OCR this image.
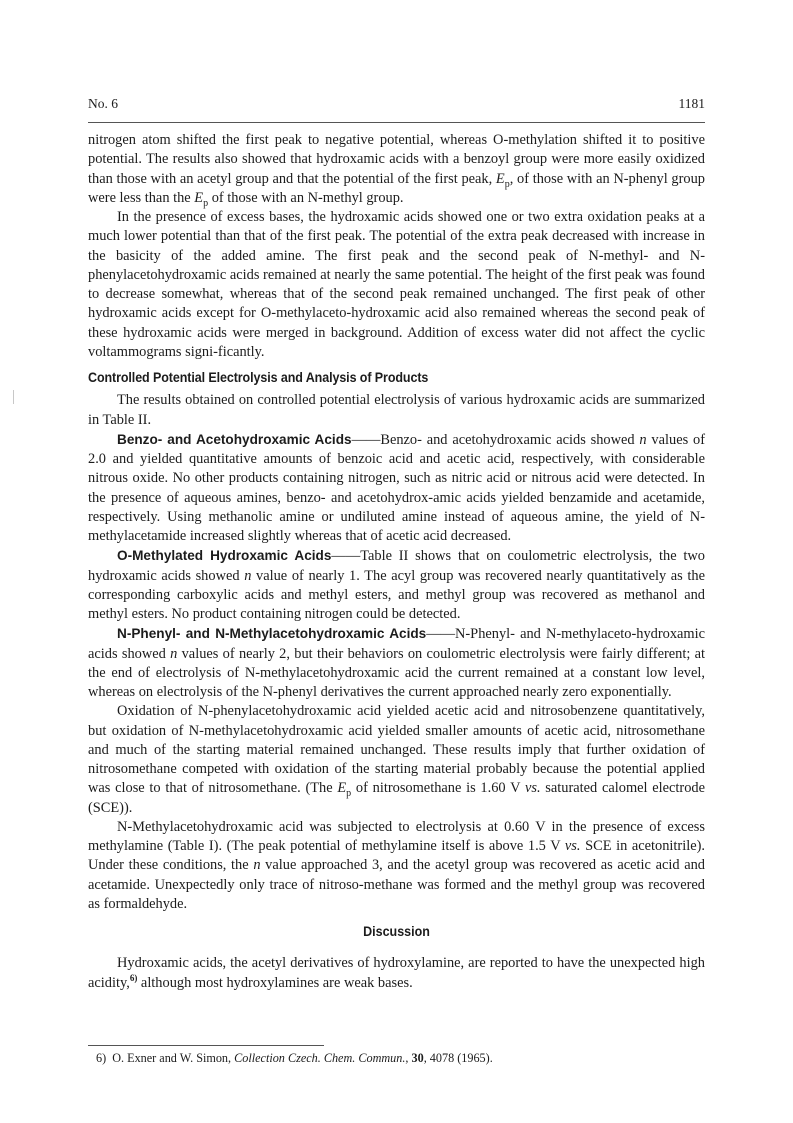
No. 6	1181

nitrogen atom shifted the first peak to negative potential, whereas O-methylation shifted it to positive potential. The results also showed that hydroxamic acids with a benzoyl group were more easily oxidized than those with an acetyl group and that the potential of the first peak, $E_p$, of those with an N-phenyl group were less than the $E_p$ of those with an N-methyl group.

In the presence of excess bases, the hydroxamic acids showed one or two extra oxidation peaks at a much lower potential than that of the first peak. The potential of the extra peak decreased with increase in the basicity of the added amine. The first peak and the second peak of N-methyl- and N-phenylacetohydroxamic acids remained at nearly the same potential. The height of the first peak was found to decrease somewhat, whereas that of the second peak remained unchanged. The first peak of other hydroxamic acids except for O-methylaceto-hydroxamic acid also remained whereas the second peak of these hydroxamic acids were merged in background. Addition of excess water did not affect the cyclic voltammograms signi-ficantly.

Controlled Potential Electrolysis and Analysis of Products

The results obtained on controlled potential electrolysis of various hydroxamic acids are summarized in Table II.

Benzo- and Acetohydroxamic Acids——Benzo- and acetohydroxamic acids showed n values of 2.0 and yielded quantitative amounts of benzoic acid and acetic acid, respectively, with considerable nitrous oxide. No other products containing nitrogen, such as nitric acid or nitrous acid were detected. In the presence of aqueous amines, benzo- and acetohydrox-amic acids yielded benzamide and acetamide, respectively. Using methanolic amine or undiluted amine instead of aqueous amine, the yield of N-methylacetamide increased slightly whereas that of acetic acid decreased.

O-Methylated Hydroxamic Acids——Table II shows that on coulometric electrolysis, the two hydroxamic acids showed n value of nearly 1. The acyl group was recovered nearly quantitatively as the corresponding carboxylic acids and methyl esters, and methyl group was recovered as methanol and methyl esters. No product containing nitrogen could be detected.

N-Phenyl- and N-Methylacetohydroxamic Acids——N-Phenyl- and N-methylaceto-hydroxamic acids showed n values of nearly 2, but their behaviors on coulometric electrolysis were fairly different; at the end of electrolysis of N-methylacetohydroxamic acid the current remained at a constant low level, whereas on electrolysis of the N-phenyl derivatives the current approached nearly zero exponentially.

Oxidation of N-phenylacetohydroxamic acid yielded acetic acid and nitrosobenzene quantitatively, but oxidation of N-methylacetohydroxamic acid yielded smaller amounts of acetic acid, nitrosomethane and much of the starting material remained unchanged. These results imply that further oxidation of nitrosomethane competed with oxidation of the starting material probably because the potential applied was close to that of nitrosomethane. (The $E_p$ of nitrosomethane is 1.60 V vs. saturated calomel electrode (SCE)).

N-Methylacetohydroxamic acid was subjected to electrolysis at 0.60 V in the presence of excess methylamine (Table I). (The peak potential of methylamine itself is above 1.5 V vs. SCE in acetonitrile). Under these conditions, the n value approached 3, and the acetyl group was recovered as acetic acid and acetamide. Unexpectedly only trace of nitroso-methane was formed and the methyl group was recovered as formaldehyde.

Discussion

Hydroxamic acids, the acetyl derivatives of hydroxylamine, are reported to have the unexpected high acidity,$^{6)}$ although most hydroxylamines are weak bases.

6) O. Exner and W. Simon, Collection Czech. Chem. Commun., 30, 4078 (1965).
